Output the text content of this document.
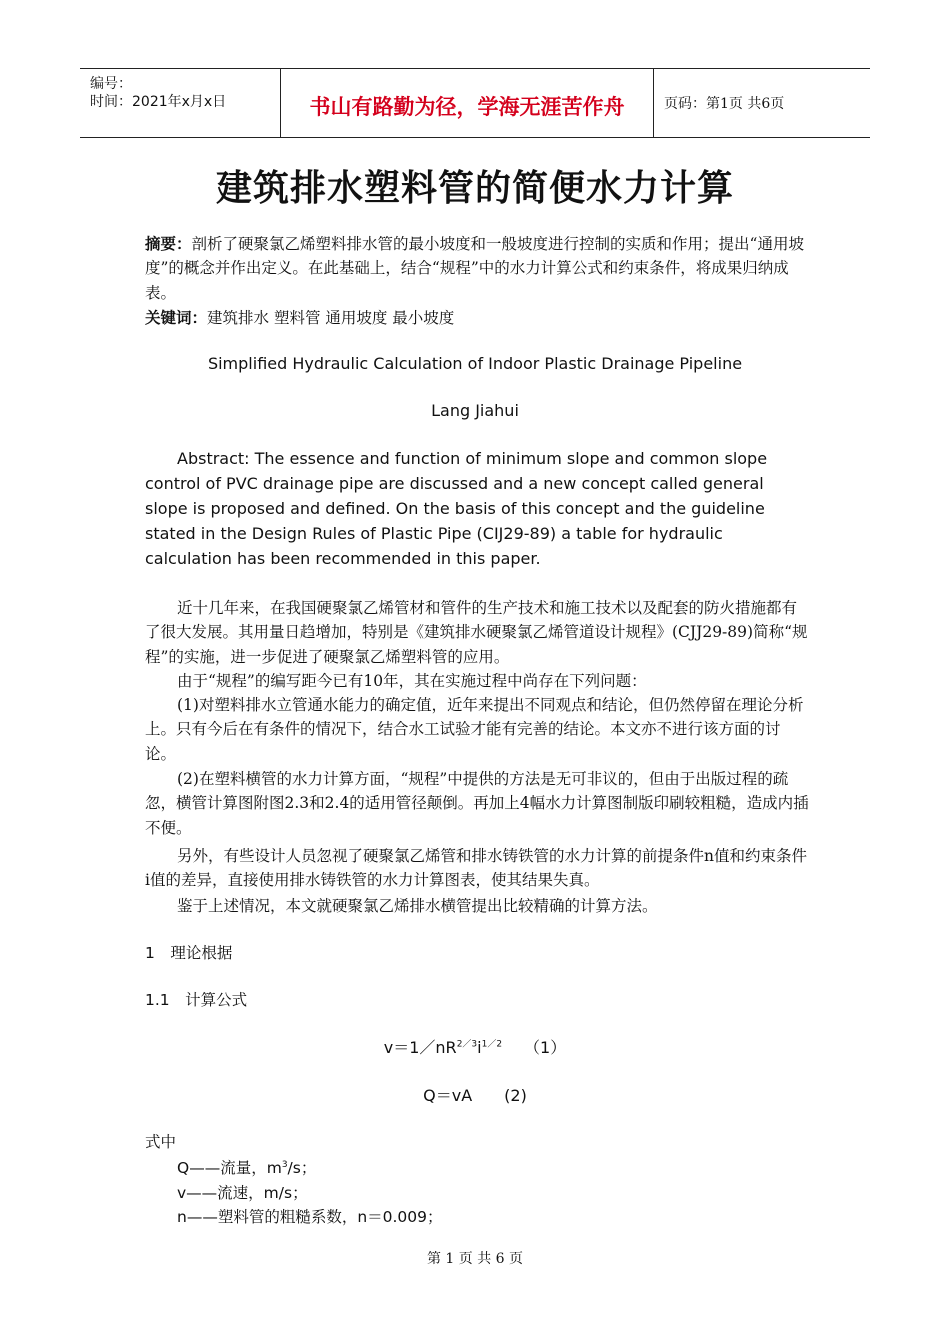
编号：
时间：2021年x月x日	书山有路勤为径，学海无涯苦作舟	页码：第1页 共6页
建筑排水塑料管的简便水力计算

摘要：剖析了硬聚氯乙烯塑料排水管的最小坡度和一般坡度进行控制的实质和作用；提出“通用坡度”的概念并作出定义。在此基础上，结合“规程”中的水力计算公式和约束条件，将成果归纳成表。

关键词：建筑排水 塑料管 通用坡度 最小坡度

Simplified Hydraulic Calculation of Indoor Plastic Drainage Pipeline
Lang Jiahui

Abstract: The essence and function of minimum slope and common slope control of PVC drainage pipe are discussed and a new concept called general slope is proposed and defined. On the basis of this concept and the guideline stated in the Design Rules of Plastic Pipe (CIJ29-89) a table for hydraulic calculation has been recommended in this paper.

近十几年来，在我国硬聚氯乙烯管材和管件的生产技术和施工技术以及配套的防火措施都有了很大发展。其用量日趋增加，特别是《建筑排水硬聚氯乙烯管道设计规程》(CJJ29-89)简称“规程”的实施，进一步促进了硬聚氯乙烯塑料管的应用。

由于“规程”的编写距今已有10年，其在实施过程中尚存在下列问题：

(1)对塑料排水立管通水能力的确定值，近年来提出不同观点和结论，但仍然停留在理论分析上。只有今后在有条件的情况下，结合水工试验才能有完善的结论。本文亦不进行该方面的讨论。

(2)在塑料横管的水力计算方面，“规程”中提供的方法是无可非议的，但由于出版过程的疏忽，横管计算图附图2.3和2.4的适用管径颠倒。再加上4幅水力计算图制版印刷较粗糙，造成内插不便。

另外，有些设计人员忽视了硬聚氯乙烯管和排水铸铁管的水力计算的前提条件n值和约束条件i值的差异，直接使用排水铸铁管的水力计算图表，使其结果失真。

鉴于上述情况，本文就硬聚氯乙烯排水横管提出比较精确的计算方法。

1　理论根据
1.1　计算公式
$v=1/nR^{2/3}i^{1/2}$ （1）
Q＝vA　　(2)
式中
Q——流量，$m^3/s$；
v——流速，m/s；
n——塑料管的粗糙系数，n＝0.009；
第 1 页 共 6 页
